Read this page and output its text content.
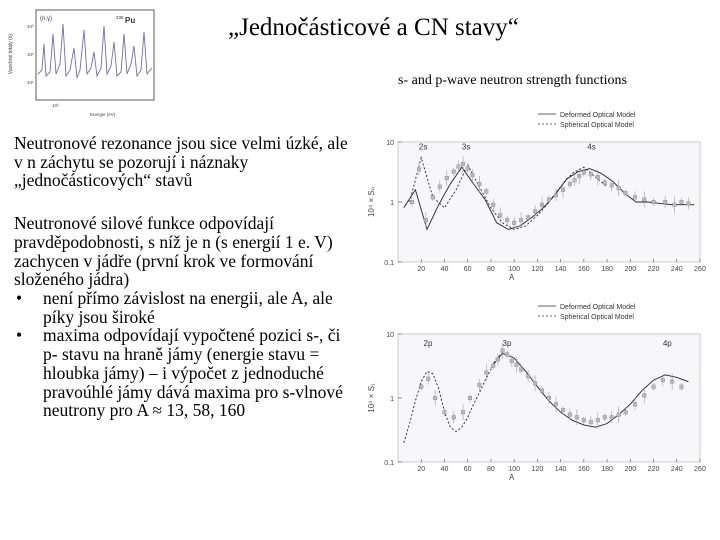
„Jednočásticové a CN stavy“
s- and p-wave neutron strength functions
Vazebné totály (b)
(n,γ)	235 Pu
10³
10²
10¹
10³
Energie (eV)

Neutronové rezonance jsou sice velmi úzké, ale v n záchytu se pozorují i náznaky „jednočásticových“ stavů

Neutronové silové funkce odpovídají pravděpodobnosti, s níž je n (s energií 1 e. V) zachycen v jádře (první krok ve formování složeného jádra)

• není přímo závislost na energii, ale A, ale píky jsou široké
• maxima odpovídají vypočtené pozici s-, či p- stavu na hraně jámy (energie stavu = hloubka jámy) – i výpočet z jednoduché pravoúhlé jámy dává maxima pro s-vlnové neutrony pro A ≈ 13, 58, 160
10
1
0.1
20 40 60 80 100 120 140 160 180 200 220 240 260
A
10⁴ × S₀
Deformed Optical Model
Spherical Optical Model
2s	3s	4s
10
1
0.1
20 40 60 80 100 120 140 160 180 200 220 240 260
A
10⁴ × S₁
Deformed Optical Model
Spherical Optical Model
2p	3p	4p
